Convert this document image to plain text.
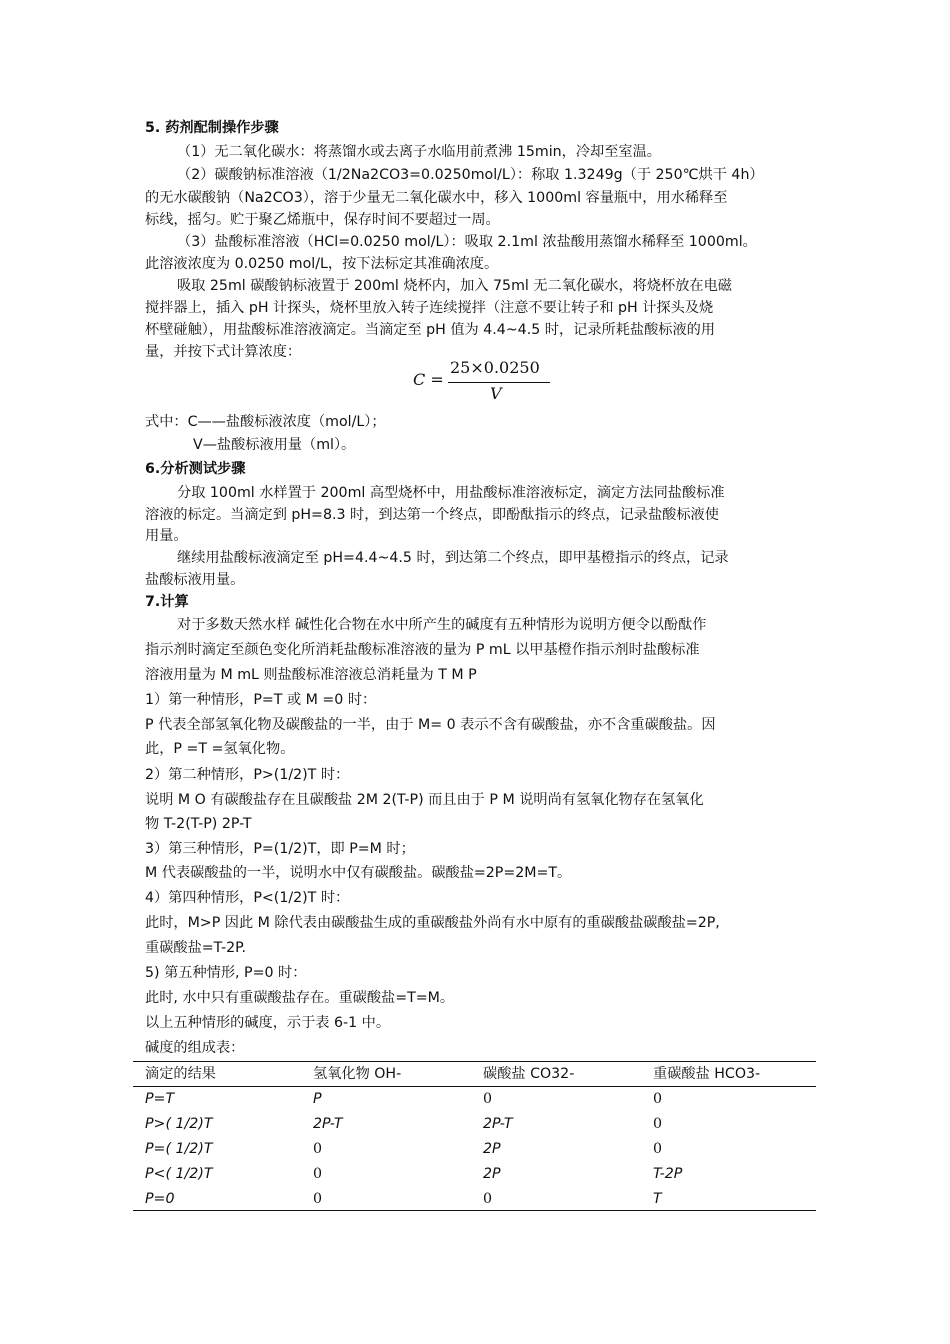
5. 药剂配制操作步骤
（1）无二氧化碳水：将蒸馏水或去离子水临用前煮沸 15min，冷却至室温。
（2）碳酸钠标准溶液（1/2Na2CO3=0.0250mol/L）：称取 1.3249g（于 250℃烘干 4h）
的无水碳酸钠（Na2CO3），溶于少量无二氧化碳水中，移入 1000ml 容量瓶中，用水稀释至
标线，摇匀。贮于聚乙烯瓶中，保存时间不要超过一周。
（3）盐酸标准溶液（HCl=0.0250 mol/L）：吸取 2.1ml 浓盐酸用蒸馏水稀释至 1000ml。
此溶液浓度为 0.0250 mol/L，按下法标定其准确浓度。
吸取 25ml 碳酸钠标液置于 200ml 烧杯内，加入 75ml 无二氧化碳水，将烧杯放在电磁
搅拌器上，插入 pH 计探头，烧杯里放入转子连续搅拌（注意不要让转子和 pH 计探头及烧
杯壁碰触），用盐酸标准溶液滴定。当滴定至 pH 值为 4.4~4.5 时，记录所耗盐酸标液的用
量，并按下式计算浓度：
C =
25×0.0250
V
式中：C——盐酸标液浓度（mol/L）；
V—盐酸标液用量（ml）。
6.分析测试步骤
分取 100ml 水样置于 200ml 高型烧杯中，用盐酸标准溶液标定，滴定方法同盐酸标准
溶液的标定。当滴定到 pH=8.3 时，到达第一个终点，即酚酞指示的终点，记录盐酸标液使
用量。
继续用盐酸标液滴定至 pH=4.4~4.5 时，到达第二个终点，即甲基橙指示的终点，记录
盐酸标液用量。
7.计算
对于多数天然水样 碱性化合物在水中所产生的碱度有五种情形为说明方便令以酚酞作
指示剂时滴定至颜色变化所消耗盐酸标准溶液的量为 P mL 以甲基橙作指示剂时盐酸标准
溶液用量为 M mL 则盐酸标准溶液总消耗量为 T M P
1）第一种情形，P=T 或 M =0 时：
P 代表全部氢氧化物及碳酸盐的一半，由于 M= 0 表示不含有碳酸盐，亦不含重碳酸盐。因
此，P =T =氢氧化物。
2）第二种情形，P>(1/2)T 时：
说明 M O 有碳酸盐存在且碳酸盐 2M 2(T-P) 而且由于 P M 说明尚有氢氧化物存在氢氧化
物 T-2(T-P) 2P-T
3）第三种情形，P=(1/2)T，即 P=M 时；
M 代表碳酸盐的一半，说明水中仅有碳酸盐。碳酸盐=2P=2M=T。
4）第四种情形，P<(1/2)T 时：
此时，M>P 因此 M 除代表由碳酸盐生成的重碳酸盐外尚有水中原有的重碳酸盐碳酸盐=2P,
重碳酸盐=T-2P.
5) 第五种情形, P=0 时：
此时, 水中只有重碳酸盐存在。重碳酸盐=T=M。
以上五种情形的碱度，示于表 6-1 中。
碱度的组成表：
滴定的结果	氢氧化物 OH-	碳酸盐 CO32-	重碳酸盐 HCO3-
P=T	P	0	0
P>( 1/2)T	2P-T	2P-T	0
P=( 1/2)T	0	2P	0
P<( 1/2)T	0	2P	T-2P
P=0	0	0	T
